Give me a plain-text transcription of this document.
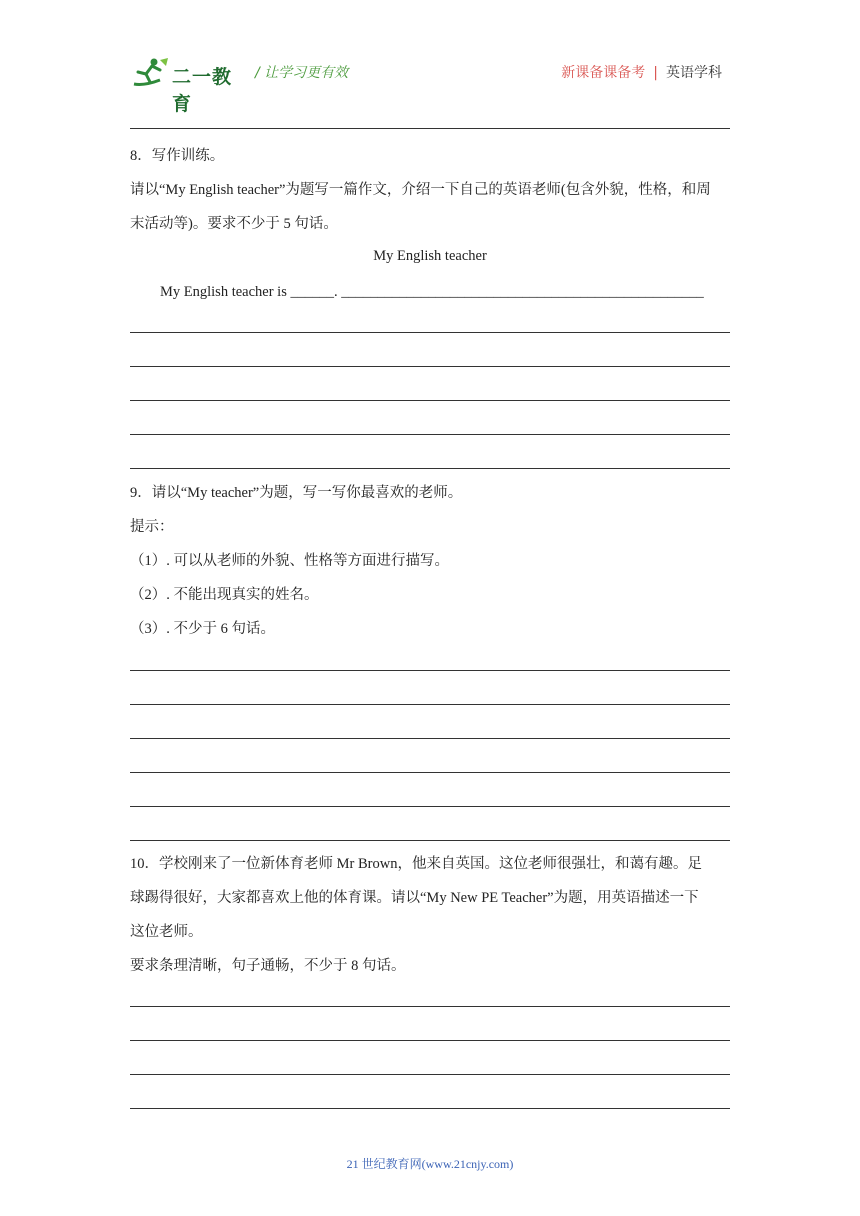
二一教育
/ 让学习更有效	新课备课备考 | 英语学科
8．写作训练。
请以“My English teacher”为题写一篇作文，介绍一下自己的英语老师(包含外貌，性格，和周
末活动等)。要求不少于 5 句话。
My English teacher
My English teacher is ______. __________________________________________________
9．请以“My teacher”为题，写一写你最喜欢的老师。
提示：
（1）. 可以从老师的外貌、性格等方面进行描写。
（2）. 不能出现真实的姓名。
（3）. 不少于 6 句话。
10．学校刚来了一位新体育老师 Mr Brown，他来自英国。这位老师很强壮，和蔼有趣。足
球踢得很好，大家都喜欢上他的体育课。请以“My New PE Teacher”为题，用英语描述一下
这位老师。
要求条理清晰，句子通畅，不少于 8 句话。
21 世纪教育网(www.21cnjy.com)
